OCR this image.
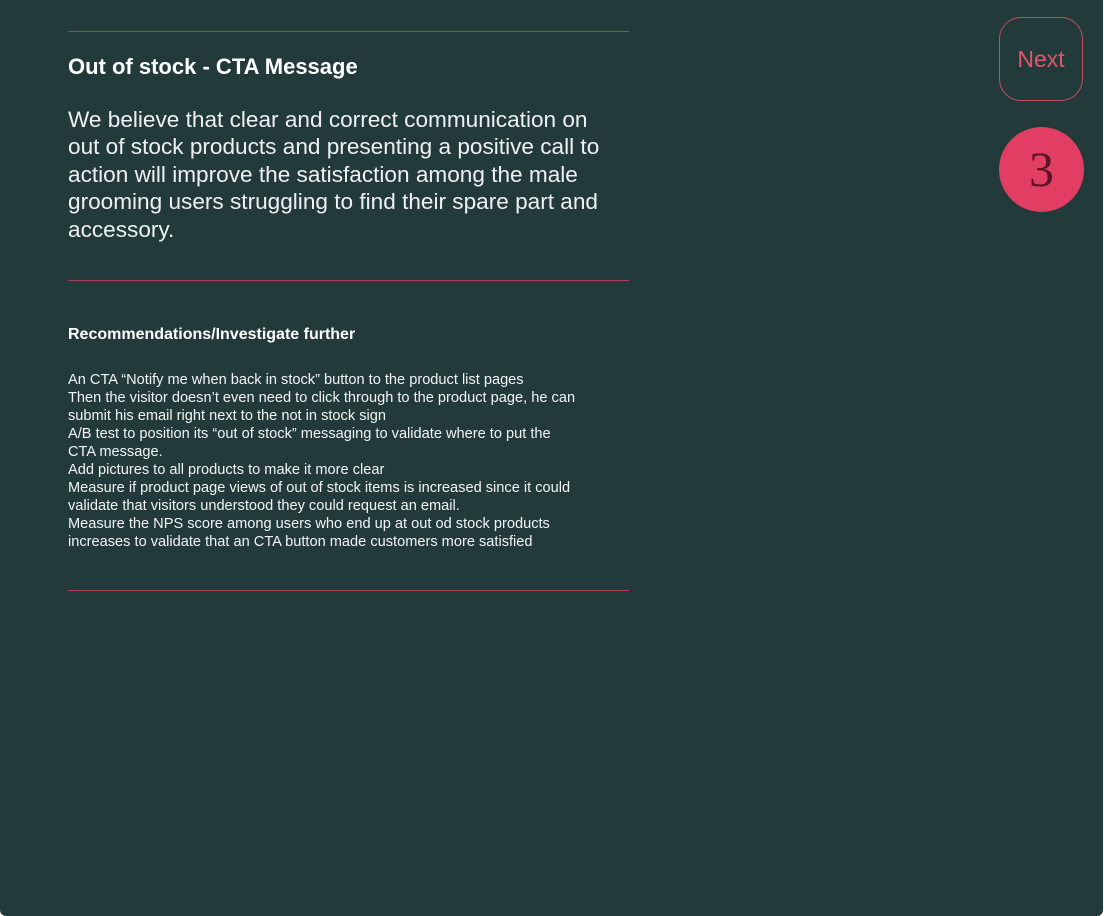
Out of stock - CTA Message

We believe that clear and correct communication on
out of stock products and presenting a positive call to
action will improve the satisfaction among the male
grooming users struggling to find their spare part and
accessory.

Recommendations/Investigate further
An CTA “Notify me when back in stock” button to the product list pages
Then the visitor doesn’t even need to click through to the product page, he can
submit his email right next to the not in stock sign
A/B test to position its “out of stock” messaging to validate where to put the
CTA message.
Add pictures to all products to make it more clear
Measure if product page views of out of stock items is increased since it could
validate that visitors understood they could request an email.
Measure the NPS score among users who end up at out od stock products
increases to validate that an CTA button made customers more satisfied
Next
3
